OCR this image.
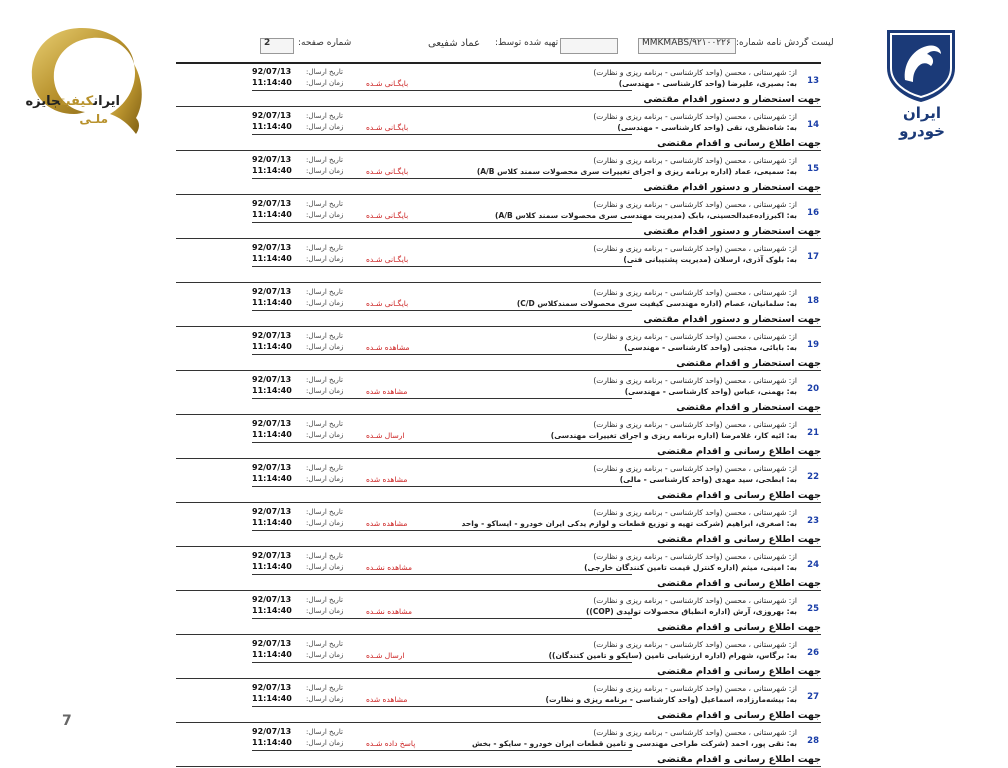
ایرانکیفیتجایزه
ملـی	ایران خودرو
شماره صفحه:
2	تهیه شده توسط:
عماد شفیعی	لیست گردش نامه شماره:
MMKMABS/۹۲۱۰۰۲۲۶
13
از: شهرستانی ، محسن (واحد کارشناسی - برنامه ریزی و نظارت)
به: بصیری، علیرضا (واحد کارشناسی - مهندسی)
تاریخ ارسال:
92/07/13
زمان ارسال:
11:14:40	بایگـانی شـده
جهت استحضار و دستور اقدام مقتضی
14
از: شهرستانی ، محسن (واحد کارشناسی - برنامه ریزی و نظارت)
به: شاه‌نظری، نقی (واحد کارشناسی - مهندسی)
تاریخ ارسال:
92/07/13
زمان ارسال:
11:14:40	بایگـانی شـده
جهت اطلاع رسانی و اقدام مقتضی
15
از: شهرستانی ، محسن (واحد کارشناسی - برنامه ریزی و نظارت)
به: سمیعی، عماد (اداره برنامه ریزی و اجرای تغییرات سری محصولات سمند کلاس A/B)
تاریخ ارسال:
92/07/13
زمان ارسال:
11:14:40	بایگـانی شـده
جهت استحضار و دستور اقدام مقتضی
16
از: شهرستانی ، محسن (واحد کارشناسی - برنامه ریزی و نظارت)
به: اکبرزاده‌عبدالحسینی، بابک (مدیریت مهندسی سری محصولات سمند کلاس A/B)
تاریخ ارسال:
92/07/13
زمان ارسال:
11:14:40	بایگـانی شـده
جهت استحضار و دستور اقدام مقتضی
17
از: شهرستانی ، محسن (واحد کارشناسی - برنامه ریزی و نظارت)
به: بلوک آذری، ارسلان (مدیریت پشتیبانی فنی)
تاریخ ارسال:
92/07/13
زمان ارسال:
11:14:40	بایگـانی شـده
18
از: شهرستانی ، محسن (واحد کارشناسی - برنامه ریزی و نظارت)
به: سلمانیان، عصام (اداره مهندسی کیفیت سری محصولات سمندکلاس C/D)
تاریخ ارسال:
92/07/13
زمان ارسال:
11:14:40	بایگـانی شـده
جهت استحضار و دستور اقدام مقتضی
19
از: شهرستانی ، محسن (واحد کارشناسی - برنامه ریزی و نظارت)
به: بابائی، مجتبی (واحد کارشناسی - مهندسی)
تاریخ ارسال:
92/07/13
زمان ارسال:
11:14:40	مشاهده شـده
جهت استحضار و اقدام مقتضی
20
از: شهرستانی ، محسن (واحد کارشناسی - برنامه ریزی و نظارت)
به: بهمنی، عباس (واحد کارشناسی - مهندسی)
تاریخ ارسال:
92/07/13
زمان ارسال:
11:14:40	مشاهده شده
جهت استحضار و اقدام مقتضی
21
از: شهرستانی ، محسن (واحد کارشناسی - برنامه ریزی و نظارت)
به: ائیه کار، غلامرضا (اداره برنامه ریزی و اجرای تغییرات مهندسی)
تاریخ ارسال:
92/07/13
زمان ارسال:
11:14:40	ارسال شـده
جهت اطلاع رسانی و اقدام مقتضی
22
از: شهرستانی ، محسن (واحد کارشناسی - برنامه ریزی و نظارت)
به: ابطحی، سید مهدی (واحد کارشناسی - مالی)
تاریخ ارسال:
92/07/13
زمان ارسال:
11:14:40	مشاهده شده
جهت اطلاع رسانی و اقدام مقتضی
23
از: شهرستانی ، محسن (واحد کارشناسی - برنامه ریزی و نظارت)
به: اصغری، ابراهیم (شرکت تهیه و توزیع قطعات و لوازم یدکی ایران خودرو - ایساکو - واحد
تاریخ ارسال:
92/07/13
زمان ارسال:
11:14:40	مشاهده شده
جهت اطلاع رسانی و اقدام مقتضی
24
از: شهرستانی ، محسن (واحد کارشناسی - برنامه ریزی و نظارت)
به: امینی، میثم (اداره کنترل قیمت تامین کنندگان خارجی)
تاریخ ارسال:
92/07/13
زمان ارسال:
11:14:40	مشاهده نشـده
جهت اطلاع رسانی و اقدام مقتضی
25
از: شهرستانی ، محسن (واحد کارشناسی - برنامه ریزی و نظارت)
به: بهروزی، آرش (اداره انطباق محصولات تولیدی (COP))
تاریخ ارسال:
92/07/13
زمان ارسال:
11:14:40	مشاهده نشـده
جهت اطلاع رسانی و اقدام مقتضی
26
از: شهرستانی ، محسن (واحد کارشناسی - برنامه ریزی و نظارت)
به: برگاس، شهرام (اداره ارزشیابی تامین (سایکو و تامین کنندگان))
تاریخ ارسال:
92/07/13
زمان ارسال:
11:14:40	ارسال شـده
جهت اطلاع رسانی و اقدام مقتضی
27
از: شهرستانی ، محسن (واحد کارشناسی - برنامه ریزی و نظارت)
به: بیشه‌مارزاده، اسماعیل (واحد کارشناسی - برنامه ریزی و نظارت)
تاریخ ارسال:
92/07/13
زمان ارسال:
11:14:40	مشاهده شده
جهت اطلاع رسانی و اقدام مقتضی
28
از: شهرستانی ، محسن (واحد کارشناسی - برنامه ریزی و نظارت)
به: نقی پور، احمد (شرکت طراحی مهندسی و تامین قطعات ایران خودرو - سایکو - بخش
تاریخ ارسال:
92/07/13
زمان ارسال:
11:14:40	پاسخ داده شـده
جهت اطلاع رسانی و اقدام مقتضی
7
